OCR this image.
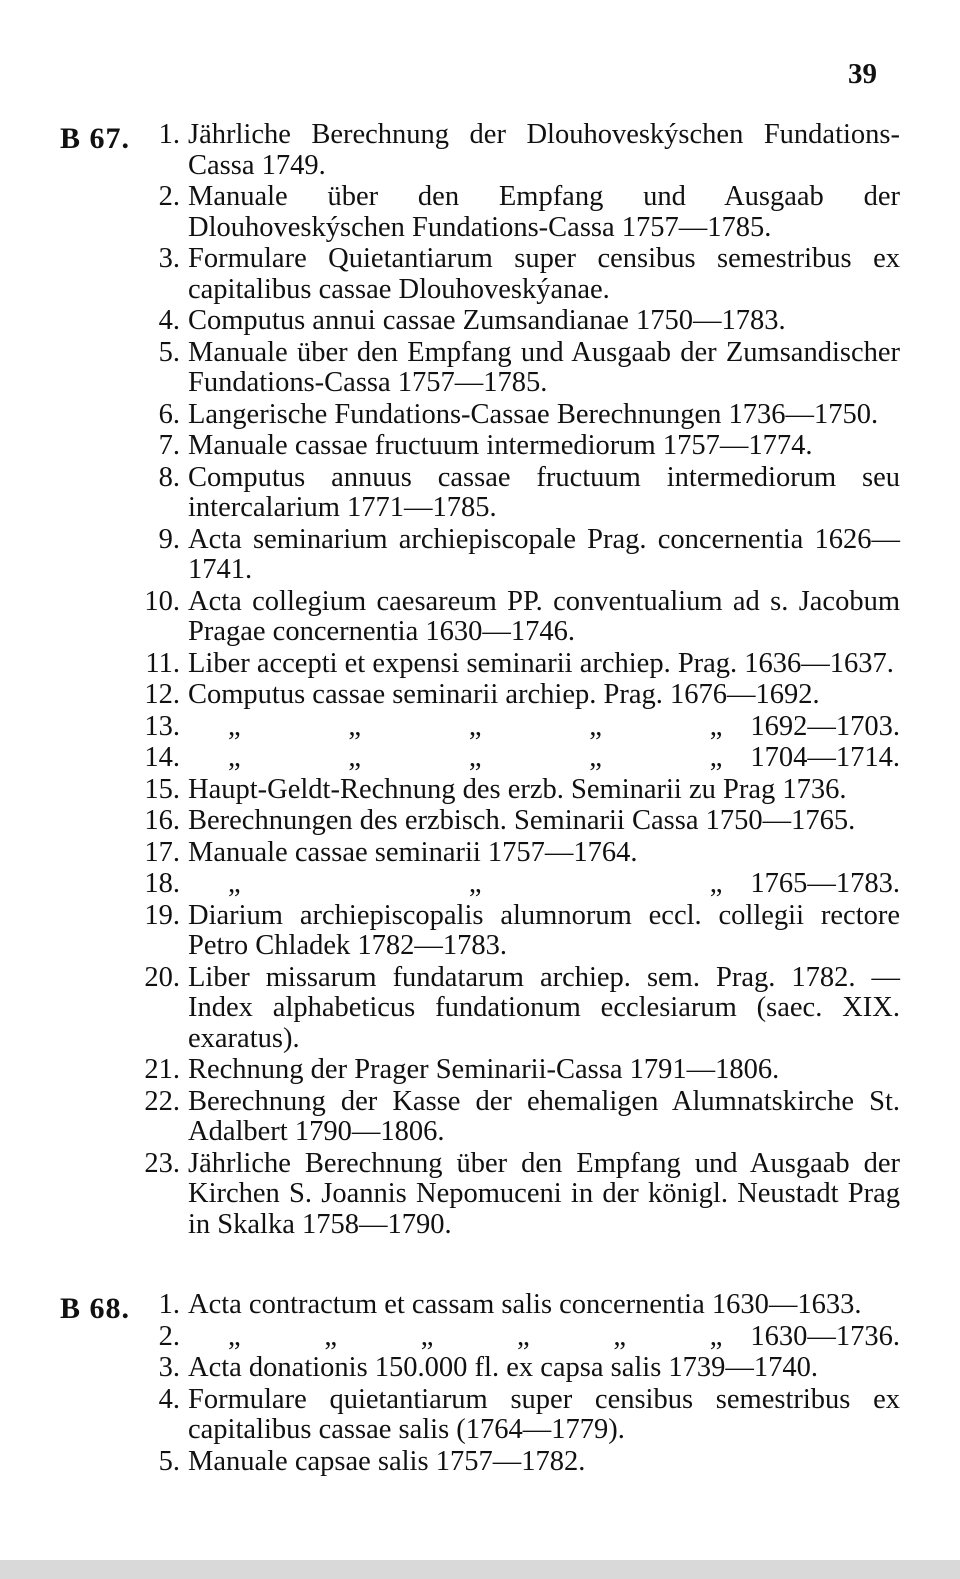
39
B 67.	1. Jährliche Berechnung der Dlouhoveskýschen Fundations-Cassa 1749.
2. Manuale über den Empfang und Ausgaab der Dlouhoveskýschen Fundations-Cassa 1757—1785.
3. Formulare Quietantiarum super censibus semestribus ex capitalibus cassae Dlouhoveskýanae.
4. Computus annui cassae Zumsandianae 1750—1783.
5. Manuale über den Empfang und Ausgaab der Zumsandischer Fundations-Cassa 1757—1785.
6. Langerische Fundations-Cassae Berechnungen 1736—1750.
7. Manuale cassae fructuum intermediorum 1757—1774.
8. Computus annuus cassae fructuum intermediorum seu intercalarium 1771—1785.
9. Acta seminarium archiepiscopale Prag. concernentia 1626—1741.
10. Acta collegium caesareum PP. conventualium ad s. Jacobum Pragae concernentia 1630—1746.
11. Liber accepti et expensi seminarii archiep. Prag. 1636—1637.
12. Computus cassae seminarii archiep. Prag. 1676—1692.
13. „	„	„	„	„ 1692—1703.
14. „	„	„	„	„ 1704—1714.
15. Haupt-Geldt-Rechnung des erzb. Seminarii zu Prag 1736.
16. Berechnungen des erzbisch. Seminarii Cassa 1750—1765.
17. Manuale cassae seminarii 1757—1764.
18. „	„	„ 1765—1783.
19. Diarium archiepiscopalis alumnorum eccl. collegii rectore Petro Chladek 1782—1783.
20. Liber missarum fundatarum archiep. sem. Prag. 1782. — Index alphabeticus fundationum ecclesiarum (saec. XIX. exaratus).
21. Rechnung der Prager Seminarii-Cassa 1791—1806.
22. Berechnung der Kasse der ehemaligen Alumnatskirche St. Adalbert 1790—1806.
23. Jährliche Berechnung über den Empfang und Ausgaab der Kirchen S. Joannis Nepomuceni in der königl. Neustadt Prag in Skalka 1758—1790.
B 68.	1. Acta contractum et cassam salis concernentia 1630—1633.
2. „	„	„	„	„	„ 1630—1736.
3. Acta donationis 150.000 fl. ex capsa salis 1739—1740.
4. Formulare quietantiarum super censibus semestribus ex capitalibus cassae salis (1764—1779).
5. Manuale capsae salis 1757—1782.
